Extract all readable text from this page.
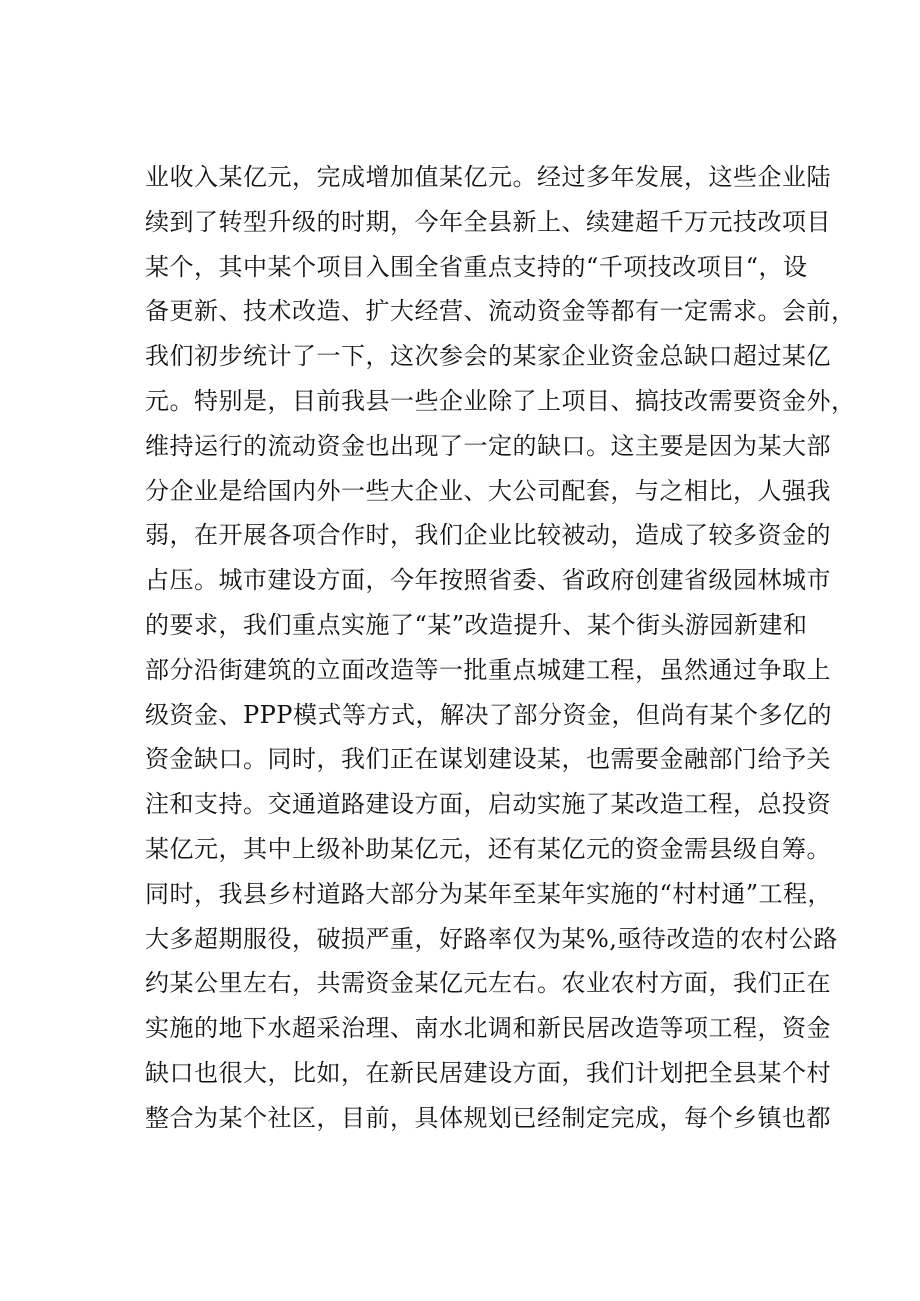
业收入某亿元，完成增加值某亿元。经过多年发展，这些企业陆
续到了转型升级的时期，今年全县新上、续建超千万元技改项目
某个，其中某个项目入围全省重点支持的“千项技改项目“，设
备更新、技术改造、扩大经营、流动资金等都有一定需求。会前，
我们初步统计了一下，这次参会的某家企业资金总缺口超过某亿
元。特别是，目前我县一些企业除了上项目、搞技改需要资金外，
维持运行的流动资金也出现了一定的缺口。这主要是因为某大部
分企业是给国内外一些大企业、大公司配套，与之相比，人强我
弱，在开展各项合作时，我们企业比较被动，造成了较多资金的
占压。城市建设方面，今年按照省委、省政府创建省级园林城市
的要求，我们重点实施了“某”改造提升、某个街头游园新建和
部分沿街建筑的立面改造等一批重点城建工程，虽然通过争取上
级资金、PPP模式等方式，解决了部分资金，但尚有某个多亿的
资金缺口。同时，我们正在谋划建设某，也需要金融部门给予关
注和支持。交通道路建设方面，启动实施了某改造工程，总投资
某亿元，其中上级补助某亿元，还有某亿元的资金需县级自筹。
同时，我县乡村道路大部分为某年至某年实施的“村村通”工程，
大多超期服役，破损严重，好路率仅为某%,亟待改造的农村公路
约某公里左右，共需资金某亿元左右。农业农村方面，我们正在
实施的地下水超采治理、南水北调和新民居改造等项工程，资金
缺口也很大，比如，在新民居建设方面，我们计划把全县某个村
整合为某个社区，目前，具体规划已经制定完成，每个乡镇也都
